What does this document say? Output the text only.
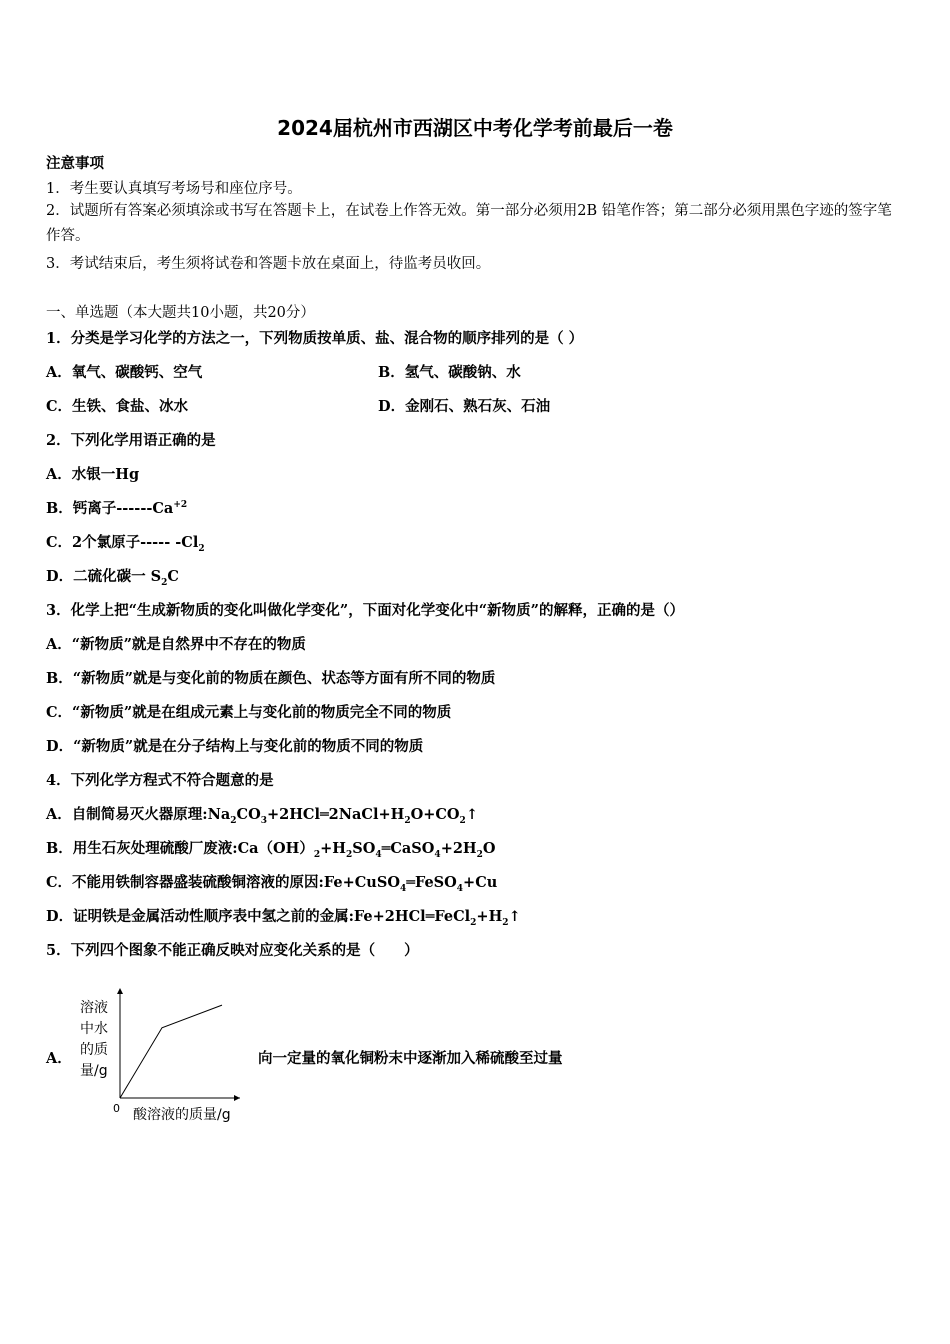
2024届杭州市西湖区中考化学考前最后一卷
注意事项
1．考生要认真填写考场号和座位序号。
2．试题所有答案必须填涂或书写在答题卡上，在试卷上作答无效。第一部分必须用2B 铅笔作答；第二部分必须用黑色字迹的签字笔作答。
3．考试结束后，考生须将试卷和答题卡放在桌面上，待监考员收回。
一、单选题（本大题共10小题，共20分）
1．分类是学习化学的方法之一，下列物质按单质、盐、混合物的顺序排列的是（ ）
A．氧气、碳酸钙、空气	B．氢气、碳酸钠、水
C．生铁、食盐、冰水	D．金刚石、熟石灰、石油
2．下列化学用语正确的是
A．水银一Hg
B．钙离子$------Ca^{+2}$
C．2个氯原子----- $-Cl_2$
D．二硫化碳一 $S_2C$
3．化学上把“生成新物质的变化叫做化学变化”，下面对化学变化中“新物质”的解释，正确的是（）
A．“新物质”就是自然界中不存在的物质
B．“新物质”就是与变化前的物质在颜色、状态等方面有所不同的物质
C．“新物质”就是在组成元素上与变化前的物质完全不同的物质
D．“新物质”就是在分子结构上与变化前的物质不同的物质
4．下列化学方程式不符合题意的是
A．自制简易灭火器原理$:Na_2CO_3+2HCl═2NaCl+H_2O+CO_2↑$
B．用生石灰处理硫酸厂废液$:Ca(OH)_2+H_2SO_4═CaSO_4+2H_2O$
C．不能用铁制容器盛装硫酸铜溶液的原因:Fe+CuSO$_4$═FeSO$_4$+Cu
D．证明铁是金属活动性顺序表中氢之前的金属$:Fe+2HCl═FeCl_2+H_2↑$
5．下列四个图象不能正确反映对应变化关系的是（　　）
A．	向一定量的氧化铜粉末中逐渐加入稀硫酸至过量
溶液
中水
的质
量/g
0 酸溶液的质量/g
